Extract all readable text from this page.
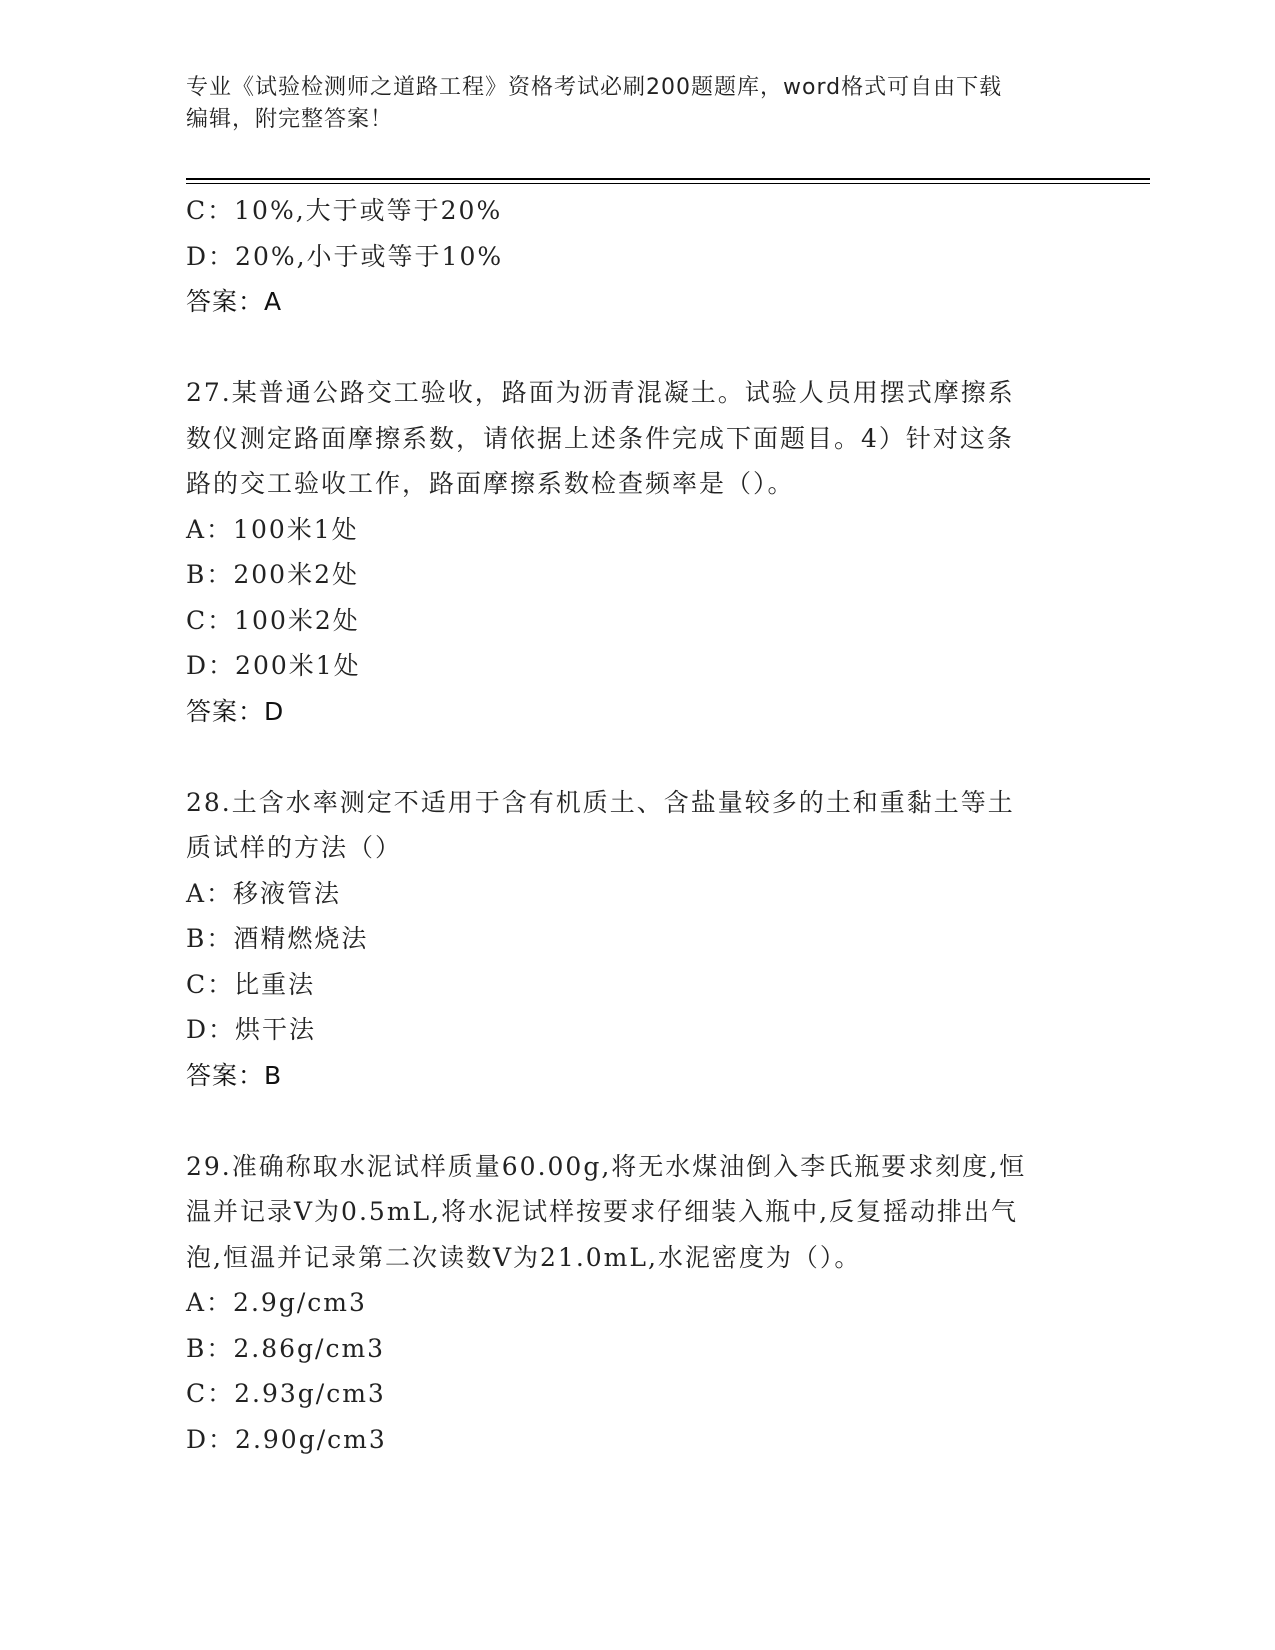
专业《试验检测师之道路工程》资格考试必刷200题题库，word格式可自由下载
编辑，附完整答案！
C：10%,大于或等于20%
D：20%,小于或等于10%
答案：A
27.某普通公路交工验收，路面为沥青混凝土。试验人员用摆式摩擦系
数仪测定路面摩擦系数，请依据上述条件完成下面题目。4）针对这条
路的交工验收工作，路面摩擦系数检查频率是（）。
A：100米1处
B：200米2处
C：100米2处
D：200米1处
答案：D
28.土含水率测定不适用于含有机质土、含盐量较多的土和重黏土等土
质试样的方法（）
A：移液管法
B：酒精燃烧法
C：比重法
D：烘干法
答案：B
29.准确称取水泥试样质量60.00g,将无水煤油倒入李氏瓶要求刻度,恒
温并记录V为0.5mL,将水泥试样按要求仔细装入瓶中,反复摇动排出气
泡,恒温并记录第二次读数V为21.0mL,水泥密度为（）。
A：2.9g/cm3
B：2.86g/cm3
C：2.93g/cm3
D：2.90g/cm3
